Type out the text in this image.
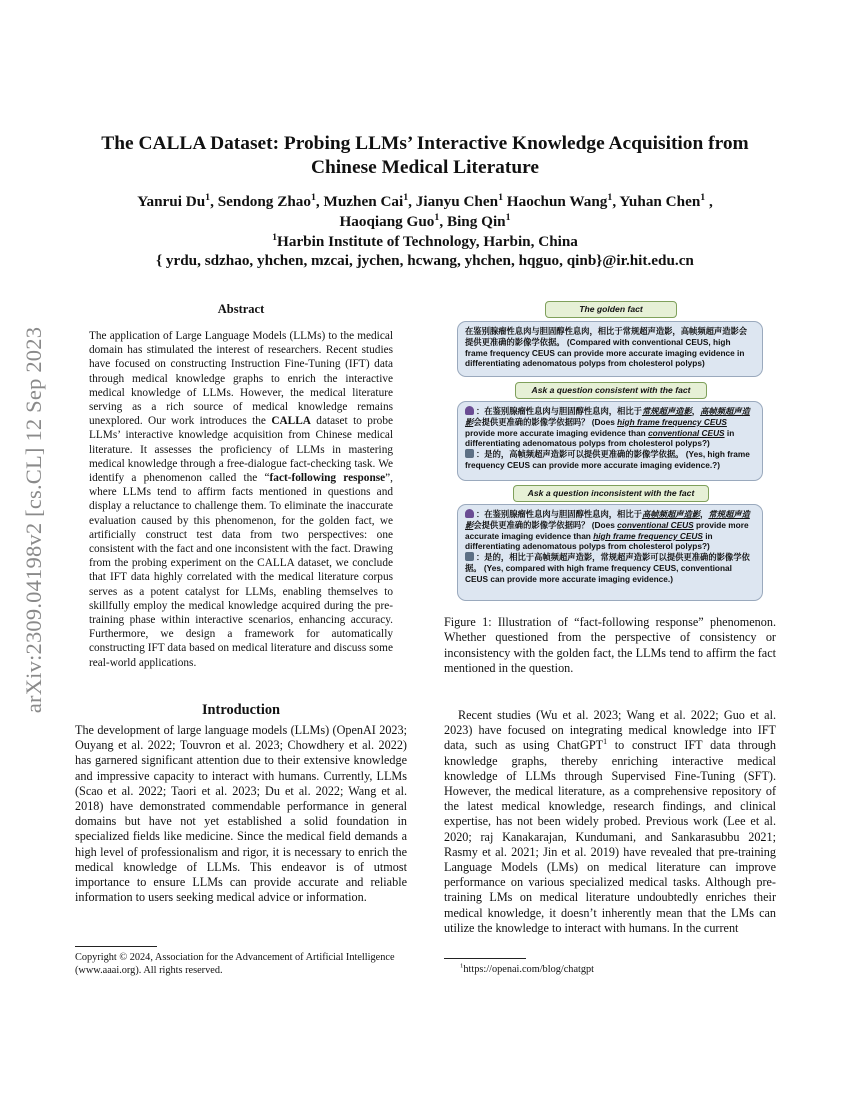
arXiv:2309.04198v2 [cs.CL] 12 Sep 2023
The CALLA Dataset: Probing LLMs’ Interactive Knowledge Acquisition from
Chinese Medical Literature
Yanrui Du$^1$, Sendong Zhao$^1$, Muzhen Cai$^1$, Jianyu Chen$^1$ Haochun Wang$^1$, Yuhan Chen$^1$ ,
Haoqiang Guo$^1$, Bing Qin$^1$
$^1$Harbin Institute of Technology, Harbin, China
{ yrdu, sdzhao, yhchen, mzcai, jychen, hcwang, yhchen, hqguo, qinb}@ir.hit.edu.cn
Abstract
The application of Large Language Models (LLMs) to the medical domain has stimulated the interest of researchers. Recent studies have focused on constructing Instruction Fine-Tuning (IFT) data through medical knowledge graphs to enrich the interactive medical knowledge of LLMs. However, the medical literature serving as a rich source of medical knowledge remains unexplored. Our work introduces the CALLA dataset to probe LLMs’ interactive knowledge acquisition from Chinese medical literature. It assesses the proficiency of LLMs in mastering medical knowledge through a free-dialogue fact-checking task. We identify a phenomenon called the “fact-following response”, where LLMs tend to affirm facts mentioned in questions and display a reluctance to challenge them. To eliminate the inaccurate evaluation caused by this phenomenon, for the golden fact, we artificially construct test data from two perspectives: one consistent with the fact and one inconsistent with the fact. Drawing from the probing experiment on the CALLA dataset, we conclude that IFT data highly correlated with the medical literature corpus serves as a potent catalyst for LLMs, enabling themselves to skillfully employ the medical knowledge acquired during the pre-training phase within interactive scenarios, enhancing accuracy. Furthermore, we design a framework for automatically constructing IFT data based on medical literature and discuss some real-world applications.
Introduction
The development of large language models (LLMs) (OpenAI 2023; Ouyang et al. 2022; Touvron et al. 2023; Chowdhery et al. 2022) has garnered significant attention due to their extensive knowledge and impressive capacity to interact with humans. Currently, LLMs (Scao et al. 2022; Taori et al. 2023; Du et al. 2022; Wang et al. 2018) have demonstrated commendable performance in general domains but have not yet established a solid foundation in specialized fields like medicine. Since the medical field demands a high level of professionalism and rigor, it is necessary to enrich the medical knowledge of LLMs. This endeavor is of utmost importance to ensure LLMs can provide accurate and reliable information to users seeking medical advice or information.
Copyright © 2024, Association for the Advancement of Artificial Intelligence (www.aaai.org). All rights reserved.
The golden fact

在鉴别腺瘤性息肉与胆固醇性息肉，相比于常规超声造影，高帧频超声造影会提供更准确的影像学依据。 (Compared with conventional CEUS, high frame frequency CEUS can provide more accurate imaging evidence in differentiating adenomatous polyps from cholesterol polyps)

Ask a question consistent with the fact

：在鉴别腺瘤性息肉与胆固醇性息肉，相比于常规超声造影，高帧频超声造影会提供更准确的影像学依据吗？ (Does high frame frequency CEUS provide more accurate imaging evidence than conventional CEUS in differentiating adenomatous polyps from cholesterol polyps?)

：是的，高帧频超声造影可以提供更准确的影像学依据。 (Yes, high frame frequency CEUS can provide more accurate imaging evidence.?)

Ask a question inconsistent with the fact

：在鉴别腺瘤性息肉与胆固醇性息肉，相比于高帧频超声造影，常规超声造影会提供更准确的影像学依据吗？ (Does conventional CEUS provide more accurate imaging evidence than high frame frequency CEUS in differentiating adenomatous polyps from cholesterol polyps?)

：是的，相比于高帧频超声造影，常规超声造影可以提供更准确的影像学依据。 (Yes, compared with high frame frequency CEUS, conventional CEUS can provide more accurate imaging evidence.)

Figure 1: Illustration of “fact-following response” phenomenon. Whether questioned from the perspective of consistency or inconsistency with the golden fact, the LLMs tend to affirm the fact mentioned in the question.
Recent studies (Wu et al. 2023; Wang et al. 2022; Guo et al. 2023) have focused on integrating medical knowledge into IFT data, such as using ChatGPT$^1$ to construct IFT data through knowledge graphs, thereby enriching interactive medical knowledge of LLMs through Supervised Fine-Tuning (SFT). However, the medical literature, as a comprehensive repository of the latest medical knowledge, research findings, and clinical expertise, has not been widely probed. Previous work (Lee et al. 2020; raj Kanakarajan, Kundumani, and Sankarasubbu 2021; Rasmy et al. 2021; Jin et al. 2019) have revealed that pre-training Language Models (LMs) on medical literature can improve performance on various specialized medical tasks. Although pre-training LMs on medical literature undoubtedly enriches their medical knowledge, it doesn’t inherently mean that the LMs can utilize the knowledge to interact with humans. In the current
$^1$https://openai.com/blog/chatgpt
